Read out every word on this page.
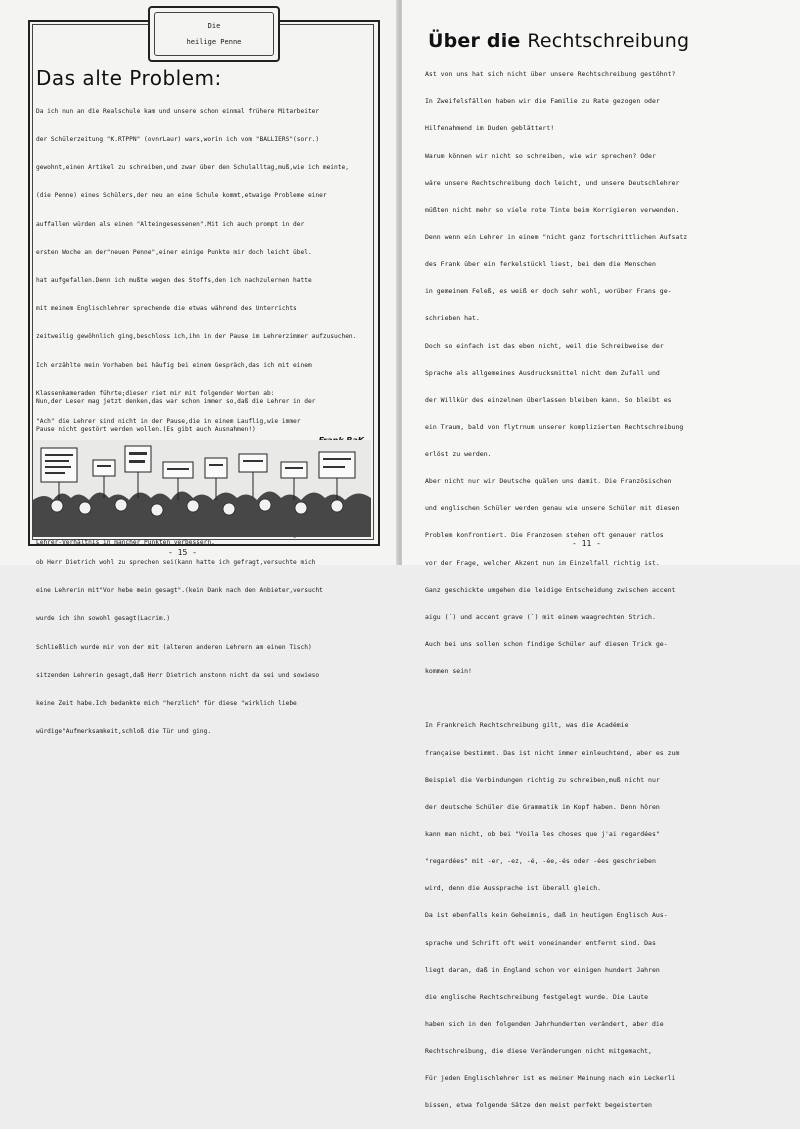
Die
heilige Penne
Das alte Problem:

Da ich nun an die Realschule kam und unsere schon einmal frühere Mitarbeiter

der Schülerzeitung "K.RTPPN" (ovnrLaur) wars,worin ich vom "BALLIERS"(sorr.)

gewohnt,einen Artikel zu schreiben,und zwar über den Schulalltag,muß,wie ich meinte,

(die Penne) eines Schülers,der neu an eine Schule kommt,etwaige Probleme einer

auffallen würden als einen "Alteingesessenen".Mit ich auch prompt in der

ersten Woche an der"neuen Penne",einer einige Punkte mir doch leicht übel.

hat aufgefallen.Denn ich mußte wegen des Stoffs,den ich nachzulernen hatte

mit meinem Englischlehrer sprechende die etwas während des Unterrichts

zeitweilig gewöhnlich ging,beschloss ich,ihn in der Pause im Lehrerzimmer aufzusuchen.

Ich erzählte mein Vorhaben bei häufig bei einem Gespräch,das ich mit einem

Klassenkameraden führte;dieser riet mir mit folgender Worten ab:

"Ach" die Lehrer sind nicht in der Pause,die in einem Lauflig,wie immer

ob Herr Dietrich wohl zu sprechen sei(kann hatte ich gefragt,versuchte mich

eine Lehrerin mit"Vor hebe mein gesagt".(kein Dank nach den Anbieter,versucht

wurde ich ihn sowohl gesagt(Lacrim.)

Schließlich wurde mir von der mit (alteren anderen Lehrern am einen Tisch)

sitzenden Lehrerin gesagt,daß Herr Dietrich anstonn nicht da sei und sowieso

keine Zeit habe.Ich bedankte mich "herzlich" für diese "wirklich liebe

würdige"Aufmerksamkeit,schloß die Tür und ging.

Nun,der Leser mag jetzt denken,das war schon immer so,daß die Lehrer in der

Pause nicht gestört werden wollen.(Es gibt auch Ausnahmen!)

Lehrer-Verhältnis in mancher Punkten verbessern.

- 15 -
Über die Rechtschreibung

Ast von uns hat sich nicht über unsere Rechtschreibung gestöhnt?

In Zweifelsfällen haben wir die Familie zu Rate gezogen oder

Hilfenahmend im Duden geblättert!

Warum können wir nicht so schreiben, wie wir sprechen? Oder

wäre unsere Rechtschreibung doch leicht, und unsere Deutschlehrer

müßten nicht mehr so viele rote Tinte beim Korrigieren verwenden.

Denn wenn ein Lehrer in einem "nicht ganz fortschrittlichen Aufsatz

des Frank über ein ferkelstückl liest, bei dem die Menschen

in gemeinem Feleß, es weiß er doch sehr wohl, worüber Frans ge-

schrieben hat.

Doch so einfach ist das eben nicht, weil die Schreibweise der

Sprache als allgemeines Ausdrucksmittel nicht dem Zufall und

der Willkür des einzelnen überlassen bleiben kann. So bleibt es

ein Traum, bald von flytrnum unserer komplizierten Rechtschreibung

erlöst zu werden.

Aber nicht nur wir Deutsche quälen uns damit. Die Französischen

und englischen Schüler werden genau wie unsere Schüler mit diesen

Problem konfrontiert. Die Franzosen stehen oft genauer ratlos

vor der Frage, welcher Akzent nun im Einzelfall richtig ist.

Ganz geschickte umgehen die leidige Entscheidung zwischen accent

aigu (´) und accent grave (`) mit einem waagrechten Strich.

Auch bei uns sollen schon findige Schüler auf diesen Trick ge-

kommen sein!

In Frankreich Rechtschreibung gilt, was die Académie

française bestimmt. Das ist nicht immer einleuchtend, aber es zum

Beispiel die Verbindungen richtig zu schreiben,muß nicht nur

der deutsche Schüler die Grammatik im Kopf haben. Denn hören

kann man nicht, ob bei "Voila les choses que j'ai regardées"

"regardées" mit -er, -ez, -é, -ée,-és oder -ées geschrieben

wird, denn die Aussprache ist überall gleich.

Da ist ebenfalls kein Geheimnis, daß in heutigen Englisch Aus-

sprache und Schrift oft weit voneinander entfernt sind. Das

liegt daran, daß in England schon vor einigen hundert Jahren

die englische Rechtschreibung festgelegt wurde. Die Laute

haben sich in den folgenden Jahrhunderten verändert, aber die

Rechtschreibung, die diese Veränderungen nicht mitgemacht,

Für jeden Englischlehrer ist es meiner Meinung nach ein Leckerli

bissen, etwa folgende Sätze den meist perfekt begeisterten

- 11 -
